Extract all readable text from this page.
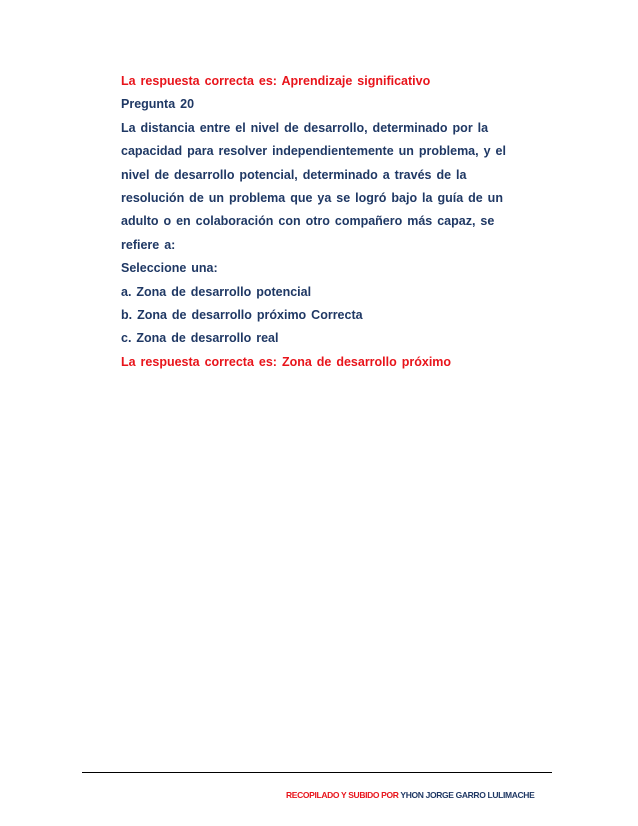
La respuesta correcta es: Aprendizaje significativo
Pregunta 20
La distancia entre el nivel de desarrollo, determinado por la
capacidad para resolver independientemente un problema, y el
nivel de desarrollo potencial, determinado a través de la
resolución de un problema que ya se logró bajo la guía de un
adulto o en colaboración con otro compañero más capaz, se
refiere a:
Seleccione una:
a. Zona de desarrollo potencial
b. Zona de desarrollo próximo Correcta
c. Zona de desarrollo real
La respuesta correcta es: Zona de desarrollo próximo
RECOPILADO Y SUBIDO POR YHON JORGE GARRO LULIMACHE
